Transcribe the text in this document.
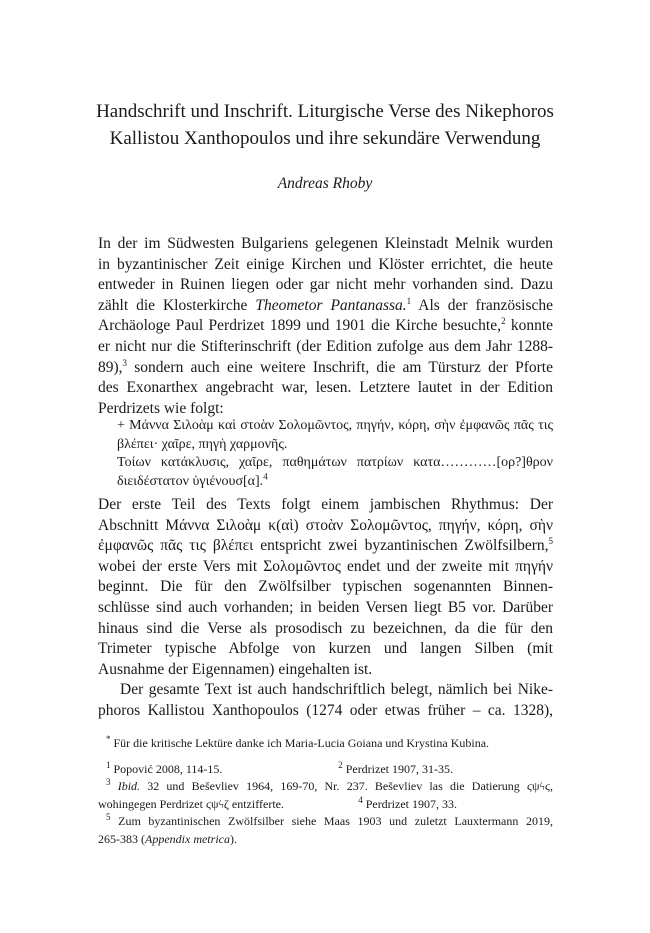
Handschrift und Inschrift. Liturgische Verse des Nikephoros
Kallistou Xanthopoulos und ihre sekundäre Verwendung
Andreas Rhoby
In der im Südwesten Bulgariens gelegenen Kleinstadt Melnik wurden
in byzantinischer Zeit einige Kirchen und Klöster errichtet, die heute
entweder in Ruinen liegen oder gar nicht mehr vorhanden sind. Dazu
zählt die Klosterkirche Theometor Pantanassa.$^1$ Als der französische
Archäologe Paul Perdrizet 1899 und 1901 die Kirche besuchte,$^2$ konnte
er nicht nur die Stifterinschrift (der Edition zufolge aus dem Jahr 1288-
89),$^3$ sondern auch eine weitere Inschrift, die am Türsturz der Pforte
des Exonarthex angebracht war, lesen. Letztere lautet in der Edition
Perdrizets wie folgt:
+ Μάννα Σιλοὰμ καὶ στοὰν Σολομῶντος, πηγήν, κόρη, σὴν ἐμφανῶς πᾶς τις
βλέπει· χαῖρε, πηγὴ χαρμονῆς.
Τοίων κατάκλυσις, χαῖρε, παθημάτων πατρίων κατα…………[ορ?]θρον
διειδέστατον ὑγιένουσ[α].$^4$
Der erste Teil des Texts folgt einem jambischen Rhythmus: Der
Abschnitt Μάννα Σιλοὰμ κ(αὶ) στοὰν Σολομῶντος, πηγήν, κόρη, σὴν
ἐμφανῶς πᾶς τις βλέπει entspricht zwei byzantinischen Zwölfsilbern,$^5$
wobei der erste Vers mit Σολομῶντος endet und der zweite mit πηγήν
beginnt. Die für den Zwölfsilber typischen sogenannten Binnen-
schlüsse sind auch vorhanden; in beiden Versen liegt B5 vor. Darüber
hinaus sind die Verse als prosodisch zu bezeichnen, da die für den
Trimeter typische Abfolge von kurzen und langen Silben (mit
Ausnahme der Eigennamen) eingehalten ist.
Der gesamte Text ist auch handschriftlich belegt, nämlich bei Nike-
phoros Kallistou Xanthopoulos (1274 oder etwas früher – ca. 1328),
* Für die kritische Lektüre danke ich Maria-Lucia Goiana und Krystina Kubina.
$^1$ Popović 2008, 114-15.	$^2$ Perdrizet 1907, 31-35.
$^3$ Ibid. 32 und Beševliev 1964, 169-70, Nr. 237. Beševliev las die Datierung ϛψϟϛ,
wohingegen Perdrizet ϛψϟζ entzifferte.	$^4$ Perdrizet 1907, 33.
$^5$ Zum byzantinischen Zwölfsilber siehe Maas 1903 und zuletzt Lauxtermann 2019,
265-383 (Appendix metrica).
